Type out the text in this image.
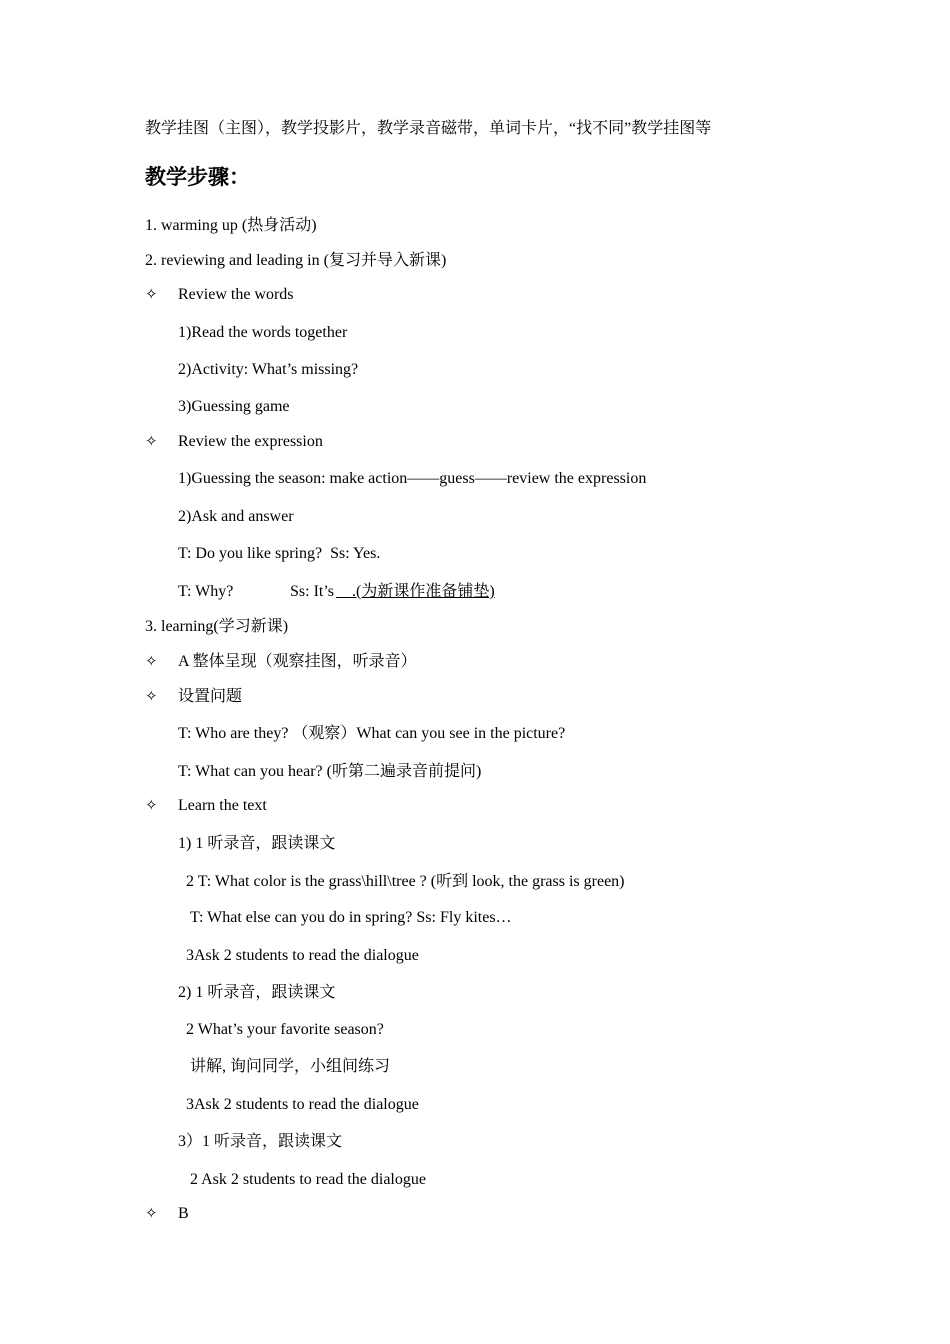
教学挂图（主图），教学投影片，教学录音磁带，单词卡片，“找不同”教学挂图等
教学步骤：
1. warming up (热身活动)
2. reviewing and leading in (复习并导入新课)
✧ Review the words
1)Read the words together
2)Activity: What’s missing?
3)Guessing game
✧ Review the expression
1)Guessing the season: make action——guess——review the expression
2)Ask and answer
T: Do you like spring?  Ss: Yes.
T: Why?	Ss: It’s .(为新课作准备铺垫)
3. learning(学习新课)
✧ A 整体呈现（观察挂图，听录音）
✧ 设置问题
T: Who are they? （观察）What can you see in the picture?
T: What can you hear? (听第二遍录音前提问)
✧ Learn the text
1) 1 听录音，跟读课文
2 T: What color is the grass\hill\tree ? (听到 look, the grass is green)
T: What else can you do in spring? Ss: Fly kites…
3Ask 2 students to read the dialogue
2) 1 听录音，跟读课文
2 What’s your favorite season?
讲解, 询问同学，小组间练习
3Ask 2 students to read the dialogue
3）1 听录音，跟读课文
2 Ask 2 students to read the dialogue
✧ B
